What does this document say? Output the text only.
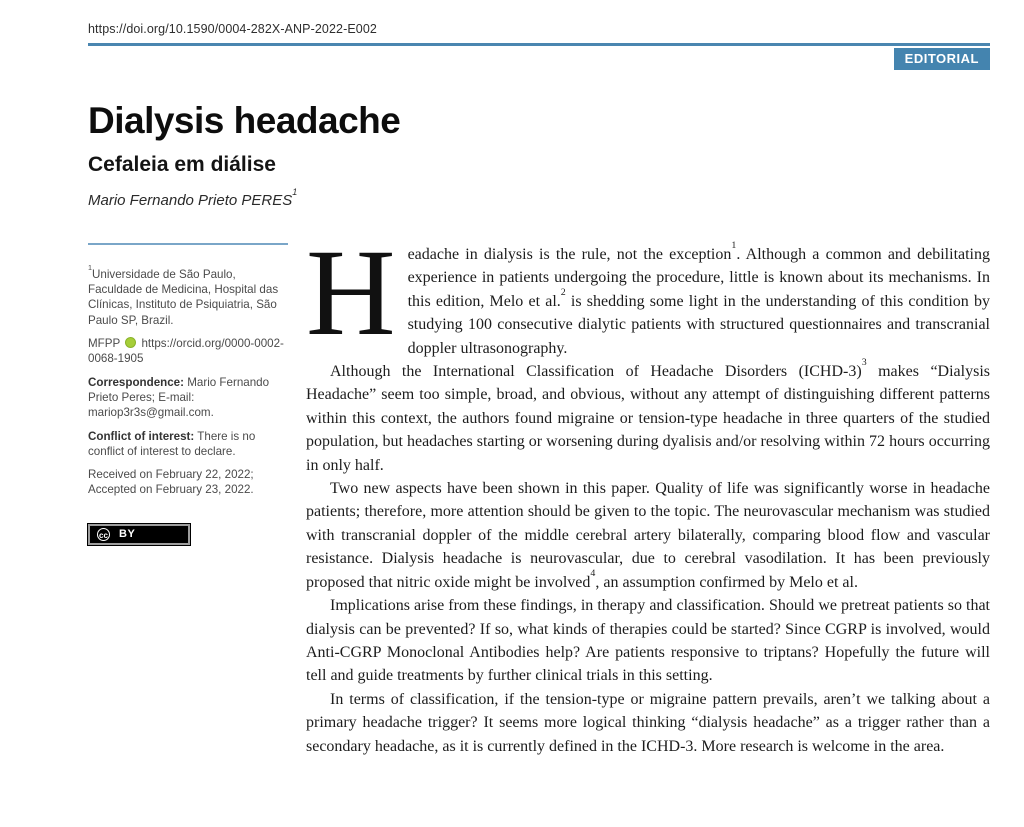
https://doi.org/10.1590/0004-282X-ANP-2022-E002
EDITORIAL
Dialysis headache
Cefaleia em diálise
Mario Fernando Prieto PERES$^1$

$^1$Universidade de São Paulo, Faculdade de Medicina, Hospital das Clínicas, Instituto de Psiquiatria, São Paulo SP, Brazil.

MFPP https://orcid.org/0000-0002-0068-1905

Correspondence: Mario Fernando Prieto Peres; E-mail: mariop3r3s@gmail.com.

Conflict of interest: There is no conflict of interest to declare.

Received on February 22, 2022; Accepted on February 23, 2022.

cc BY

Headache in dialysis is the rule, not the exception$^1$. Although a common and debilitating experience in patients undergoing the procedure, little is known about its mechanisms. In this edition, Melo et al.$^2$ is shedding some light in the understanding of this condition by studying 100 consecutive dialytic patients with structured questionnaires and transcranial doppler ultrasonography.

Although the International Classification of Headache Disorders (ICHD-3)$^3$ makes “Dialysis Headache” seem too simple, broad, and obvious, without any attempt of distinguishing different patterns within this context, the authors found migraine or tension-type headache in three quarters of the studied population, but headaches starting or worsening during dyalisis and/or resolving within 72 hours occurring in only half.

Two new aspects have been shown in this paper. Quality of life was significantly worse in headache patients; therefore, more attention should be given to the topic. The neurovascular mechanism was studied with transcranial doppler of the middle cerebral artery bilaterally, comparing blood flow and vascular resistance. Dialysis headache is neurovascular, due to cerebral vasodilation. It has been previously proposed that nitric oxide might be involved$^4$, an assumption confirmed by Melo et al.

Implications arise from these findings, in therapy and classification. Should we pretreat patients so that dialysis can be prevented? If so, what kinds of therapies could be started? Since CGRP is involved, would Anti-CGRP Monoclonal Antibodies help? Are patients responsive to triptans? Hopefully the future will tell and guide treatments by further clinical trials in this setting.

In terms of classification, if the tension-type or migraine pattern prevails, aren’t we talking about a primary headache trigger? It seems more logical thinking “dialysis headache” as a trigger rather than a secondary headache, as it is currently defined in the ICHD-3. More research is welcome in the area.
